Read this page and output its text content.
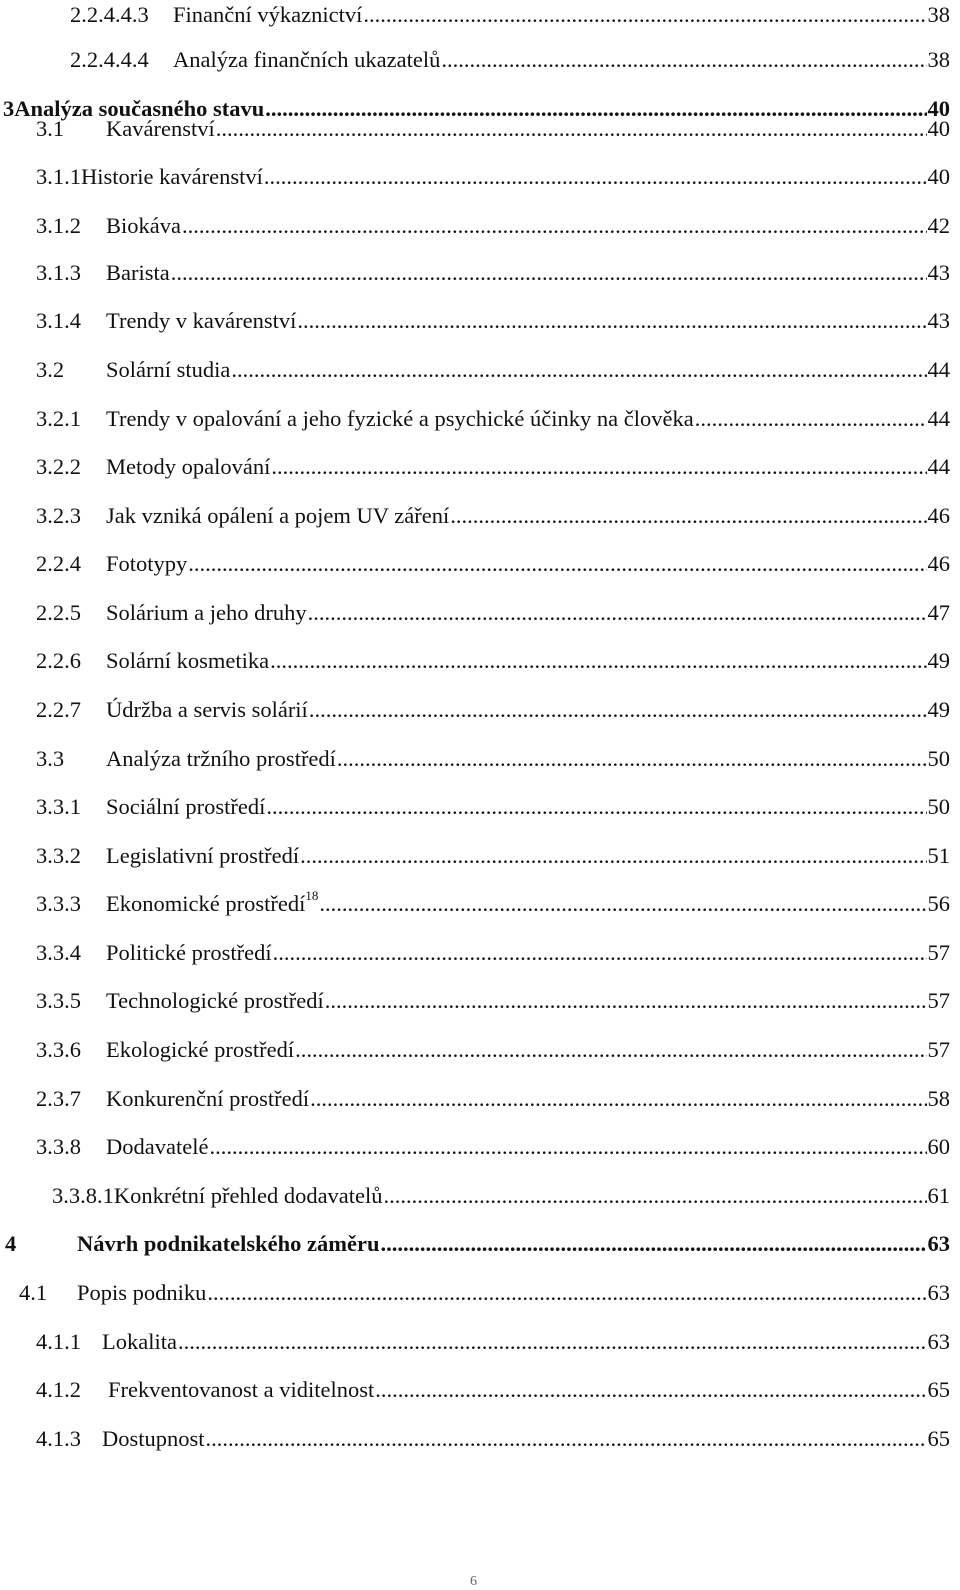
2.2.4.4.3	Finanční výkaznictví .....	38
2.2.4.4.4	Analýza finančních ukazatelů .....	38
3 Analýza současného stavu .....	40
3.1	Kavárenství .....	40
3.1.1 Historie kavárenství .....	40
3.1.2	Biokáva .....	42
3.1.3	Barista .....	43
3.1.4	Trendy v kavárenství .....	43
3.2	Solární studia .....	44
3.2.1	Trendy v opalování a jeho fyzické a psychické účinky na člověka .....	44
3.2.2	Metody opalování .....	44
3.2.3	Jak vzniká opálení a pojem UV záření .....	46
2.2.4	Fototypy .....	46
2.2.5	Solárium a jeho druhy .....	47
2.2.6	Solární kosmetika .....	49
2.2.7	Údržba a servis solárií .....	49
3.3	Analýza tržního prostředí .....	50
3.3.1	Sociální prostředí .....	50
3.3.2	Legislativní prostředí .....	51
3.3.3	Ekonomické prostředí$^{18}$ .....	56
3.3.4	Politické prostředí .....	57
3.3.5	Technologické prostředí .....	57
3.3.6	Ekologické prostředí .....	57
2.3.7	Konkurenční prostředí .....	58
3.3.8	Dodavatelé .....	60
3.3.8.1 Konkrétní přehled dodavatelů .....	61
4	Návrh podnikatelského záměru .....	63
4.1	Popis podniku .....	63
4.1.1 Lokalita .....	63
4.1.2	Frekventovanost a viditelnost .....	65
4.1.3 Dostupnost .....	65
6
